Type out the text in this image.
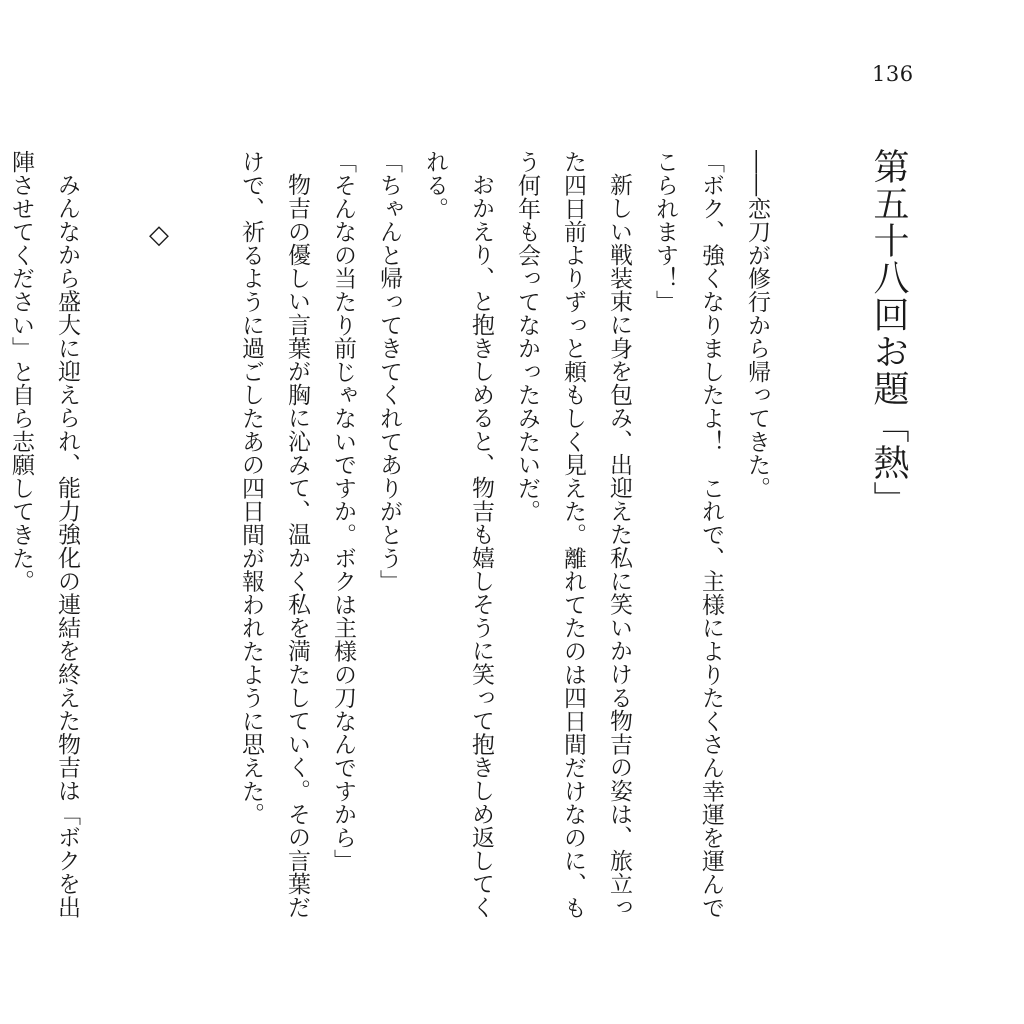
136
第五十八回お題「熱」

――恋刀が修行から帰ってきた。

「ボク、強くなりましたよ！　これで、主様によりたくさん幸運を運んでこられます！」

新しい戦装束に身を包み、出迎えた私に笑いかける物吉の姿は、旅立った四日前よりずっと頼もしく見えた。離れてたのは四日間だけなのに、もう何年も会ってなかったみたいだ。

おかえり、と抱きしめると、物吉も嬉しそうに笑って抱きしめ返してくれる。

「ちゃんと帰ってきてくれてありがとう」

「そんなの当たり前じゃないですか。ボクは主様の刀なんですから」

物吉の優しい言葉が胸に沁みて、温かく私を満たしていく。その言葉だけで、祈るように過ごしたあの四日間が報われたように思えた。

◇

みんなから盛大に迎えられ、能力強化の連結を終えた物吉は「ボクを出陣させてください」と自ら志願してきた。
